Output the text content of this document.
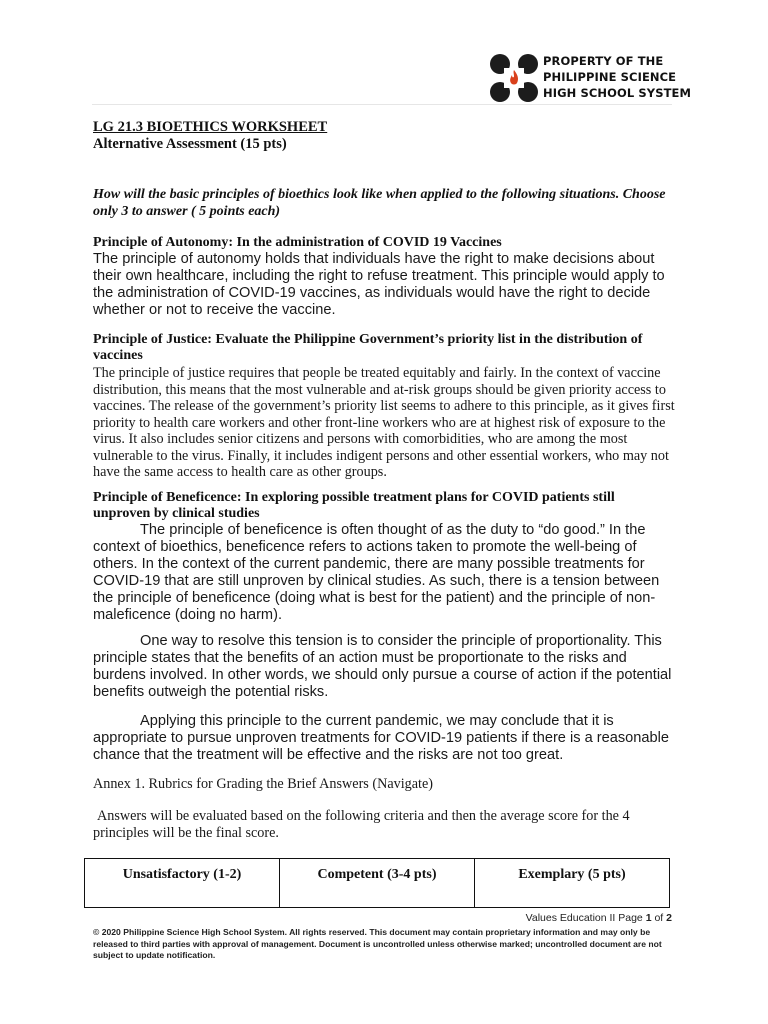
PROPERTY OF THE
PHILIPPINE SCIENCE
HIGH SCHOOL SYSTEM
LG 21.3 BIOETHICS WORKSHEET
Alternative Assessment (15 pts)
How will the basic principles of bioethics look like when applied to the following situations. Choose only 3 to answer ( 5 points each)
Principle of Autonomy: In the administration of COVID 19 Vaccines
The principle of autonomy holds that individuals have the right to make decisions about their own healthcare, including the right to refuse treatment. This principle would apply to the administration of COVID-19 vaccines, as individuals would have the right to decide whether or not to receive the vaccine.
Principle of Justice: Evaluate the Philippine Government’s priority list in the distribution of vaccines
The principle of justice requires that people be treated equitably and fairly. In the context of vaccine distribution, this means that the most vulnerable and at-risk groups should be given priority access to vaccines. The release of the government’s priority list seems to adhere to this principle, as it gives first priority to health care workers and other front-line workers who are at highest risk of exposure to the virus. It also includes senior citizens and persons with comorbidities, who are among the most vulnerable to the virus. Finally, it includes indigent persons and other essential workers, who may not have the same access to health care as other groups.
Principle of Beneficence: In exploring possible treatment plans for COVID patients still unproven by clinical studies
The principle of beneficence is often thought of as the duty to “do good.” In the context of bioethics, beneficence refers to actions taken to promote the well-being of others. In the context of the current pandemic, there are many possible treatments for COVID-19 that are still unproven by clinical studies. As such, there is a tension between the principle of beneficence (doing what is best for the patient) and the principle of non-maleficence (doing no harm).
One way to resolve this tension is to consider the principle of proportionality. This principle states that the benefits of an action must be proportionate to the risks and burdens involved. In other words, we should only pursue a course of action if the potential benefits outweigh the potential risks.
Applying this principle to the current pandemic, we may conclude that it is appropriate to pursue unproven treatments for COVID-19 patients if there is a reasonable chance that the treatment will be effective and the risks are not too great.
Annex 1. Rubrics for Grading the Brief Answers (Navigate)
Answers will be evaluated based on the following criteria and then the average score for the 4 principles will be the final score.
Unsatisfactory (1-2)	Competent (3-4 pts)	Exemplary (5 pts)
Values Education II Page 1 of 2
© 2020 Philippine Science High School System. All rights reserved. This document may contain proprietary information and may only be released to third parties with approval of management. Document is uncontrolled unless otherwise marked; uncontrolled document are not subject to update notification.
